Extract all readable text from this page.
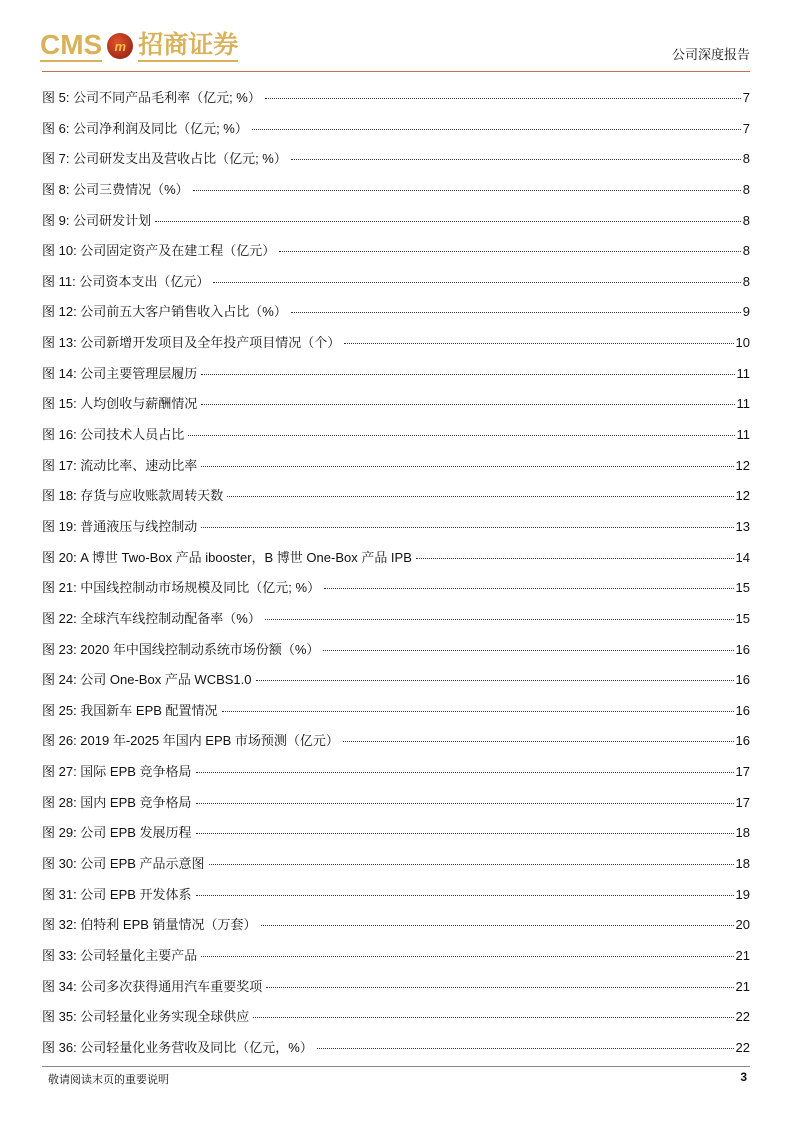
CMS m 招商证券	公司深度报告
图 5: 公司不同产品毛利率（亿元; %）	7
图 6: 公司净利润及同比（亿元; %）	7
图 7: 公司研发支出及营收占比（亿元; %）	8
图 8: 公司三费情况（%）	8
图 9: 公司研发计划	8
图 10: 公司固定资产及在建工程（亿元）	8
图 11: 公司资本支出（亿元）	8
图 12: 公司前五大客户销售收入占比（%）	9
图 13: 公司新增开发项目及全年投产项目情况（个）	10
图 14: 公司主要管理层履历	11
图 15: 人均创收与薪酬情况	11
图 16: 公司技术人员占比	11
图 17: 流动比率、速动比率	12
图 18: 存货与应收账款周转天数	12
图 19: 普通液压与线控制动	13
图 20: A 博世 Two-Box 产品 ibooster，B 博世 One-Box 产品 IPB	14
图 21: 中国线控制动市场规模及同比（亿元; %）	15
图 22: 全球汽车线控制动配备率（%）	15
图 23: 2020 年中国线控制动系统市场份额（%）	16
图 24: 公司 One-Box 产品 WCBS1.0	16
图 25: 我国新车 EPB 配置情况	16
图 26: 2019 年-2025 年国内 EPB 市场预测（亿元）	16
图 27: 国际 EPB 竞争格局	17
图 28: 国内 EPB 竞争格局	17
图 29: 公司 EPB 发展历程	18
图 30: 公司 EPB 产品示意图	18
图 31: 公司 EPB 开发体系	19
图 32: 伯特利 EPB 销量情况（万套）	20
图 33: 公司轻量化主要产品	21
图 34: 公司多次获得通用汽车重要奖项	21
图 35: 公司轻量化业务实现全球供应	22
图 36: 公司轻量化业务营收及同比（亿元，%）	22
敬请阅读末页的重要说明	3
